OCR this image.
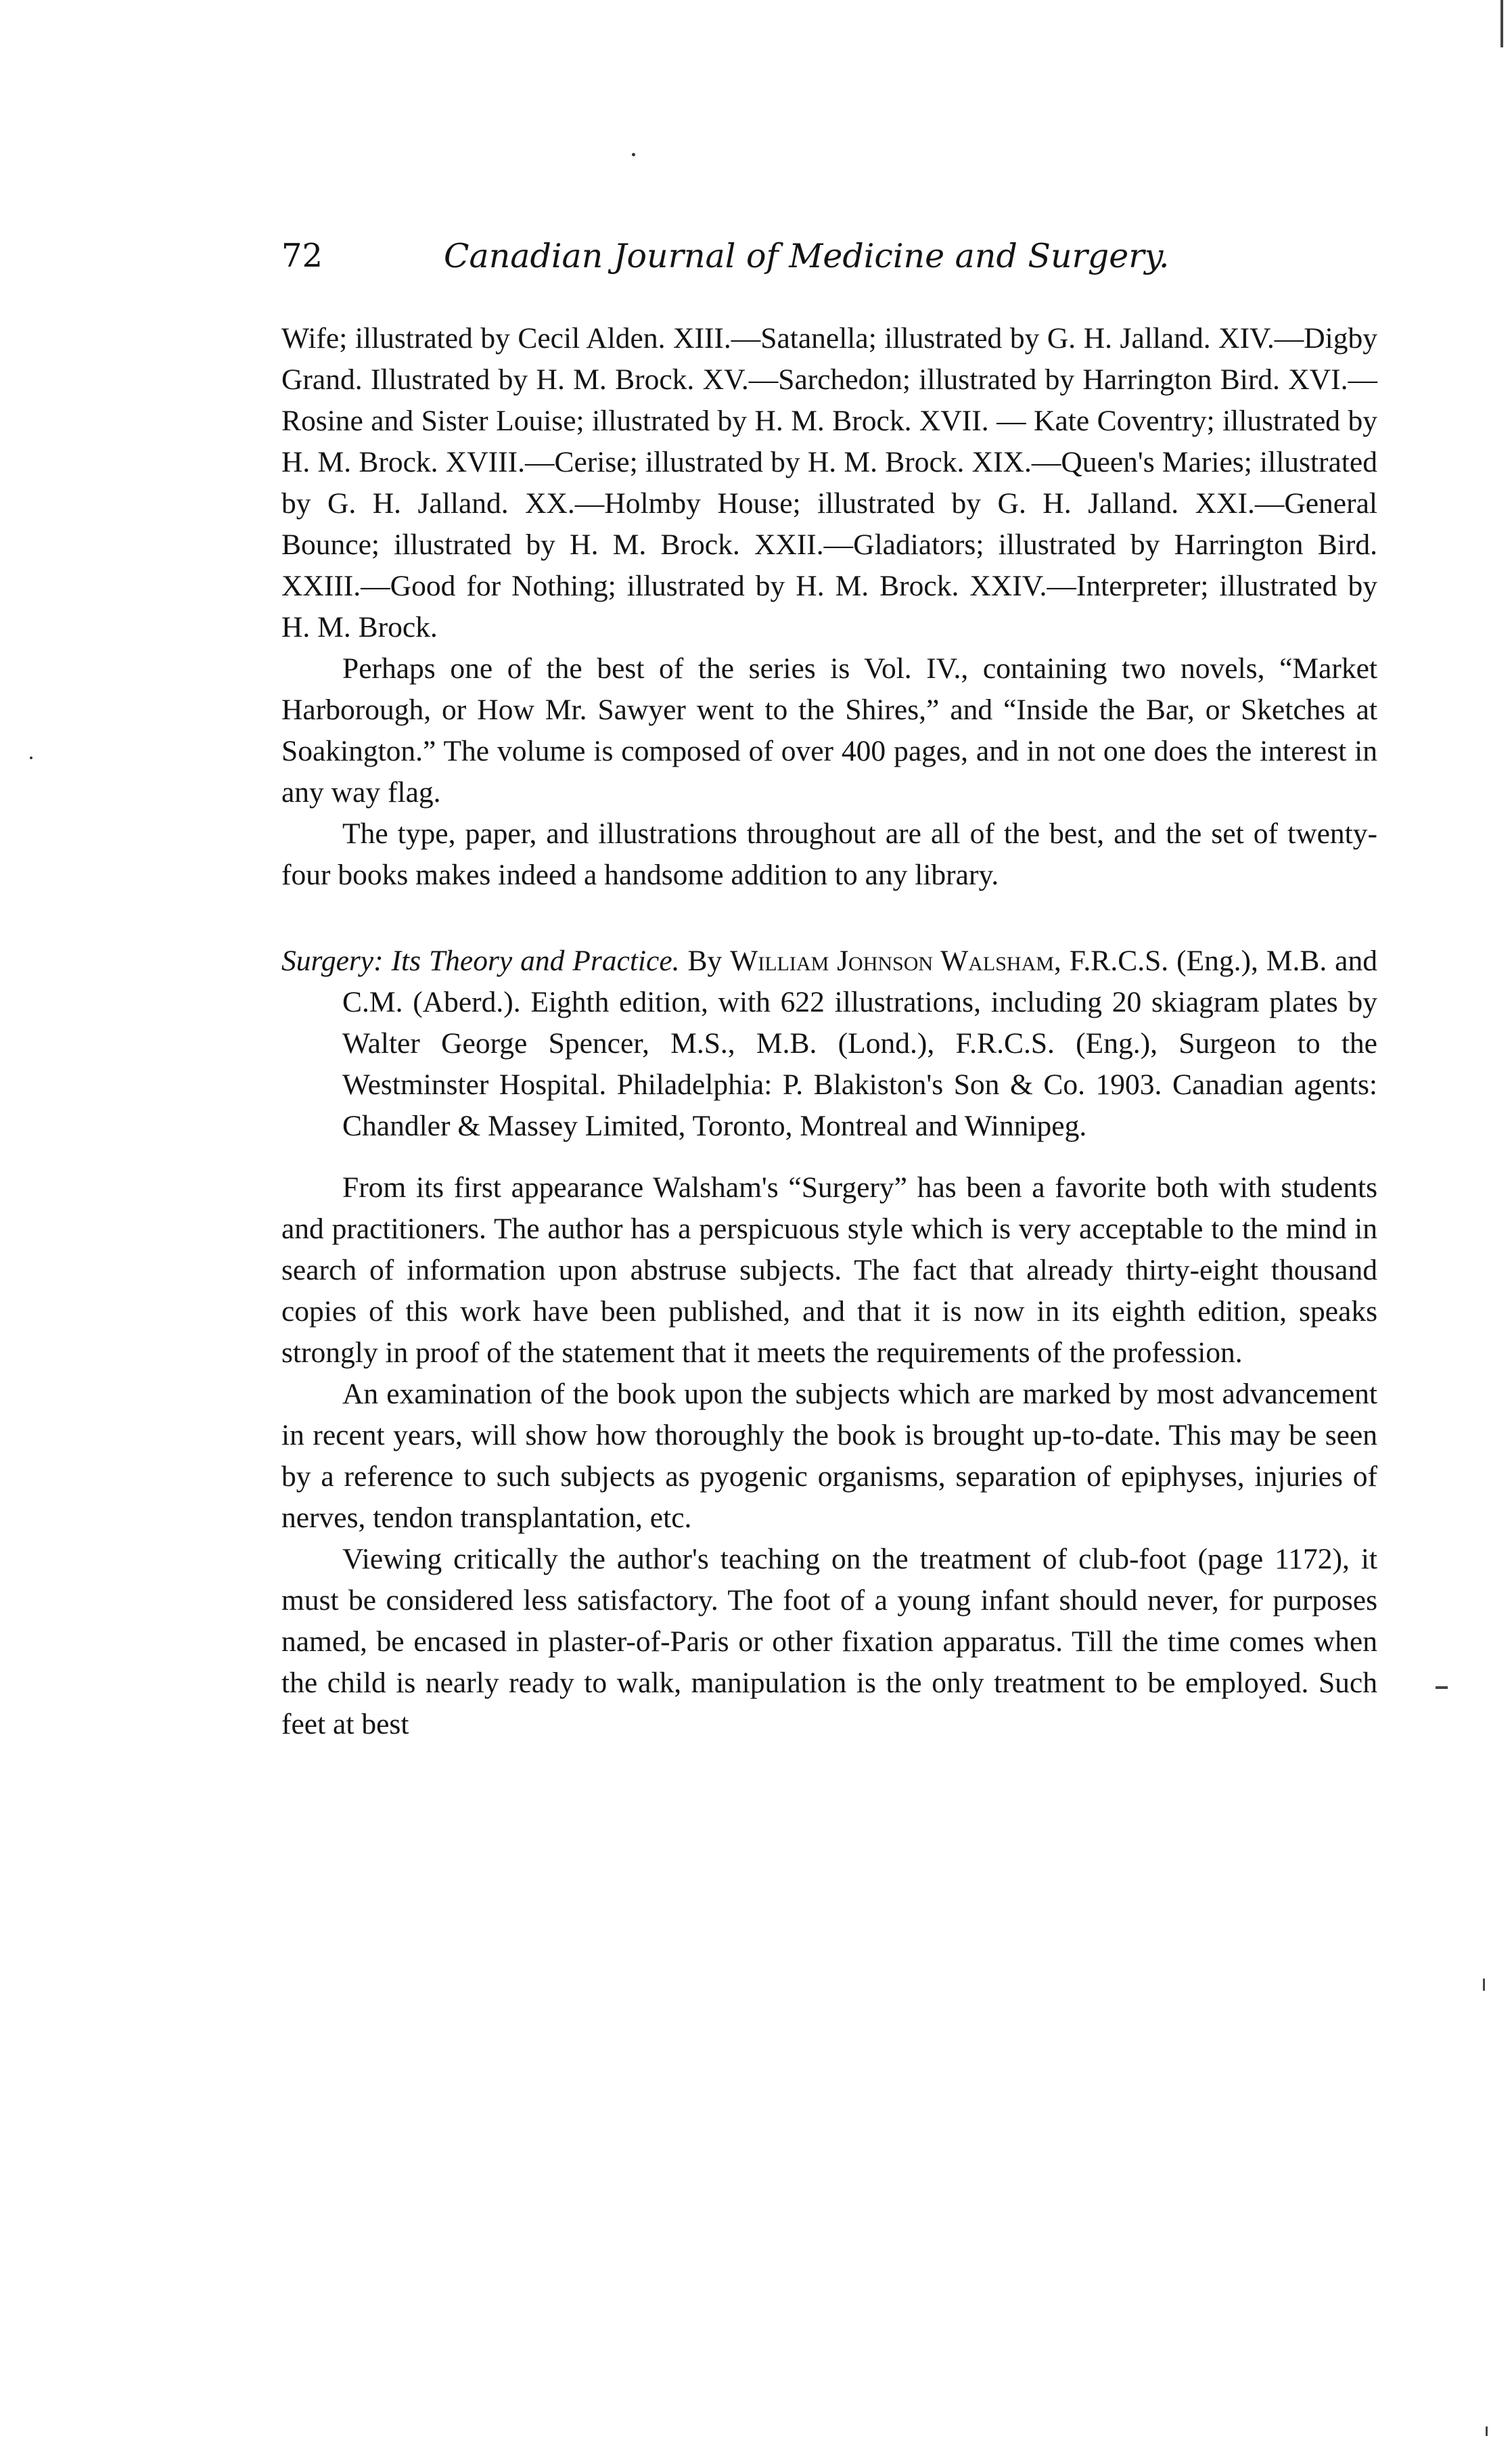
72	Canadian Journal of Medicine and Surgery.

Wife; illustrated by Cecil Alden. XIII.—Satanella; illustrated by G. H. Jalland. XIV.—Digby Grand. Illustrated by H. M. Brock. XV.—Sarchedon; illustrated by Harrington Bird. XVI.—Rosine and Sister Louise; illustrated by H. M. Brock. XVII. — Kate Coventry; illustrated by H. M. Brock. XVIII.—Cerise; illustrated by H. M. Brock. XIX.—Queen's Maries; illustrated by G. H. Jalland. XX.—Holmby House; illustrated by G. H. Jalland. XXI.—General Bounce; illustrated by H. M. Brock. XXII.—Gladiators; illustrated by Harrington Bird. XXIII.—Good for Nothing; illustrated by H. M. Brock. XXIV.—Interpreter; illustrated by H. M. Brock.

Perhaps one of the best of the series is Vol. IV., containing two novels, “Market Harborough, or How Mr. Sawyer went to the Shires,” and “Inside the Bar, or Sketches at Soakington.” The volume is composed of over 400 pages, and in not one does the interest in any way flag.

The type, paper, and illustrations throughout are all of the best, and the set of twenty-four books makes indeed a handsome addition to any library.

Surgery: Its Theory and Practice. By William Johnson Walsham, F.R.C.S. (Eng.), M.B. and C.M. (Aberd.). Eighth edition, with 622 illustrations, including 20 skiagram plates by Walter George Spencer, M.S., M.B. (Lond.), F.R.C.S. (Eng.), Surgeon to the Westminster Hospital. Philadelphia: P. Blakiston's Son & Co. 1903. Canadian agents: Chandler & Massey Limited, Toronto, Montreal and Winnipeg.

From its first appearance Walsham's “Surgery” has been a favorite both with students and practitioners. The author has a perspicuous style which is very acceptable to the mind in search of information upon abstruse subjects. The fact that already thirty-eight thousand copies of this work have been published, and that it is now in its eighth edition, speaks strongly in proof of the statement that it meets the requirements of the profession.

An examination of the book upon the subjects which are marked by most advancement in recent years, will show how thoroughly the book is brought up-to-date. This may be seen by a reference to such subjects as pyogenic organisms, separation of epiphyses, injuries of nerves, tendon transplantation, etc.

Viewing critically the author's teaching on the treatment of club-foot (page 1172), it must be considered less satisfactory. The foot of a young infant should never, for purposes named, be encased in plaster-of-Paris or other fixation apparatus. Till the time comes when the child is nearly ready to walk, manipulation is the only treatment to be employed. Such feet at best
